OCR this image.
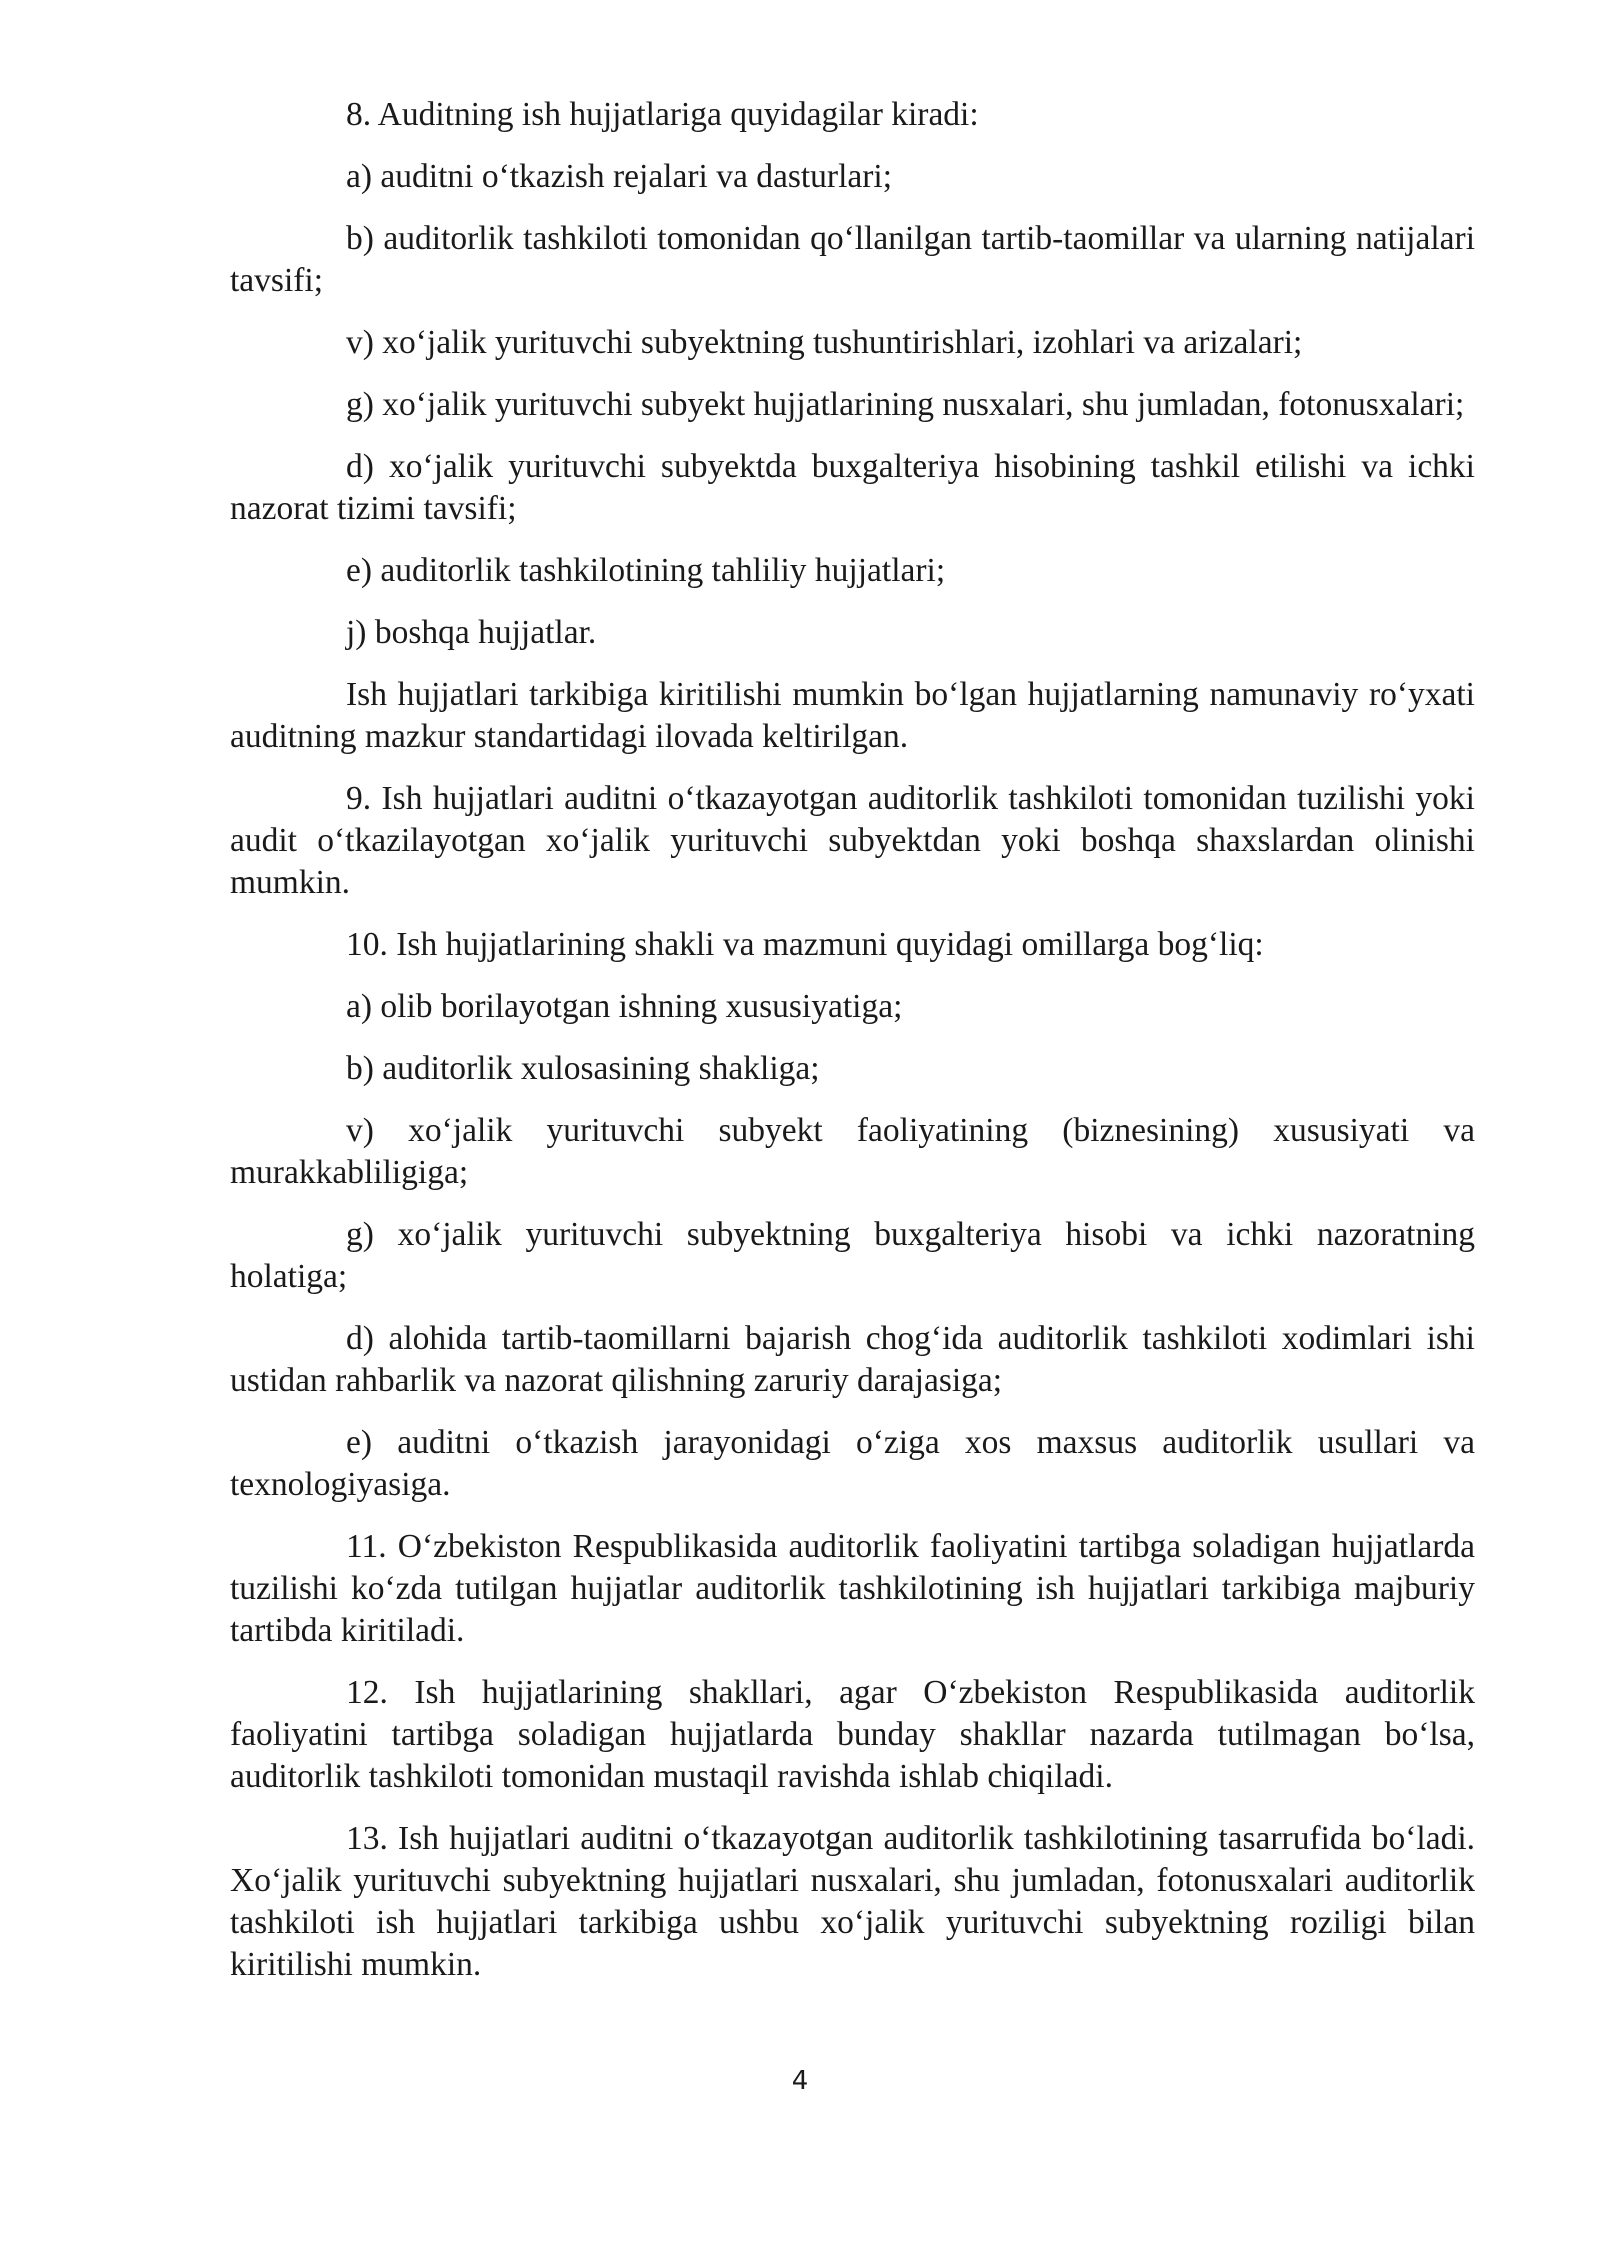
8. Auditning ish hujjatlariga quyidagilar kiradi:

a) auditni o‘tkazish rejalari va dasturlari;

b) auditorlik tashkiloti tomonidan qo‘llanilgan tartib-taomillar va ularning natijalari tavsifi;

v) xo‘jalik yurituvchi subyektning tushuntirishlari, izohlari va arizalari;

g) xo‘jalik yurituvchi subyekt hujjatlarining nusxalari, shu jumladan, fotonusxalari;

d) xo‘jalik yurituvchi subyektda buxgalteriya hisobining tashkil etilishi va ichki nazorat tizimi tavsifi;

e) auditorlik tashkilotining tahliliy hujjatlari;

j) boshqa hujjatlar.

Ish hujjatlari tarkibiga kiritilishi mumkin bo‘lgan hujjatlarning namunaviy ro‘yxati auditning mazkur standartidagi ilovada keltirilgan.

9. Ish hujjatlari auditni o‘tkazayotgan auditorlik tashkiloti tomonidan tuzilishi yoki audit o‘tkazilayotgan xo‘jalik yurituvchi subyektdan yoki boshqa shaxslardan olinishi mumkin.

10. Ish hujjatlarining shakli va mazmuni quyidagi omillarga bog‘liq:

a) olib borilayotgan ishning xususiyatiga;

b) auditorlik xulosasining shakliga;

v) xo‘jalik yurituvchi subyekt faoliyatining (biznesining) xususiyati va murakkabliligiga;

g) xo‘jalik yurituvchi subyektning buxgalteriya hisobi va ichki nazoratning holatiga;

d) alohida tartib-taomillarni bajarish chog‘ida auditorlik tashkiloti xodimlari ishi ustidan rahbarlik va nazorat qilishning zaruriy darajasiga;

e) auditni o‘tkazish jarayonidagi o‘ziga xos maxsus auditorlik usullari va texnologiyasiga.

11. O‘zbekiston Respublikasida auditorlik faoliyatini tartibga soladigan hujjatlarda tuzilishi ko‘zda tutilgan hujjatlar auditorlik tashkilotining ish hujjatlari tarkibiga majburiy tartibda kiritiladi.

12. Ish hujjatlarining shakllari, agar O‘zbekiston Respublikasida auditorlik faoliyatini tartibga soladigan hujjatlarda bunday shakllar nazarda tutilmagan bo‘lsa, auditorlik tashkiloti tomonidan mustaqil ravishda ishlab chiqiladi.

13. Ish hujjatlari auditni o‘tkazayotgan auditorlik tashkilotining tasarrufida bo‘ladi. Xo‘jalik yurituvchi subyektning hujjatlari nusxalari, shu jumladan, fotonusxalari auditorlik tashkiloti ish hujjatlari tarkibiga ushbu xo‘jalik yurituvchi subyektning roziligi bilan kiritilishi mumkin.

4
